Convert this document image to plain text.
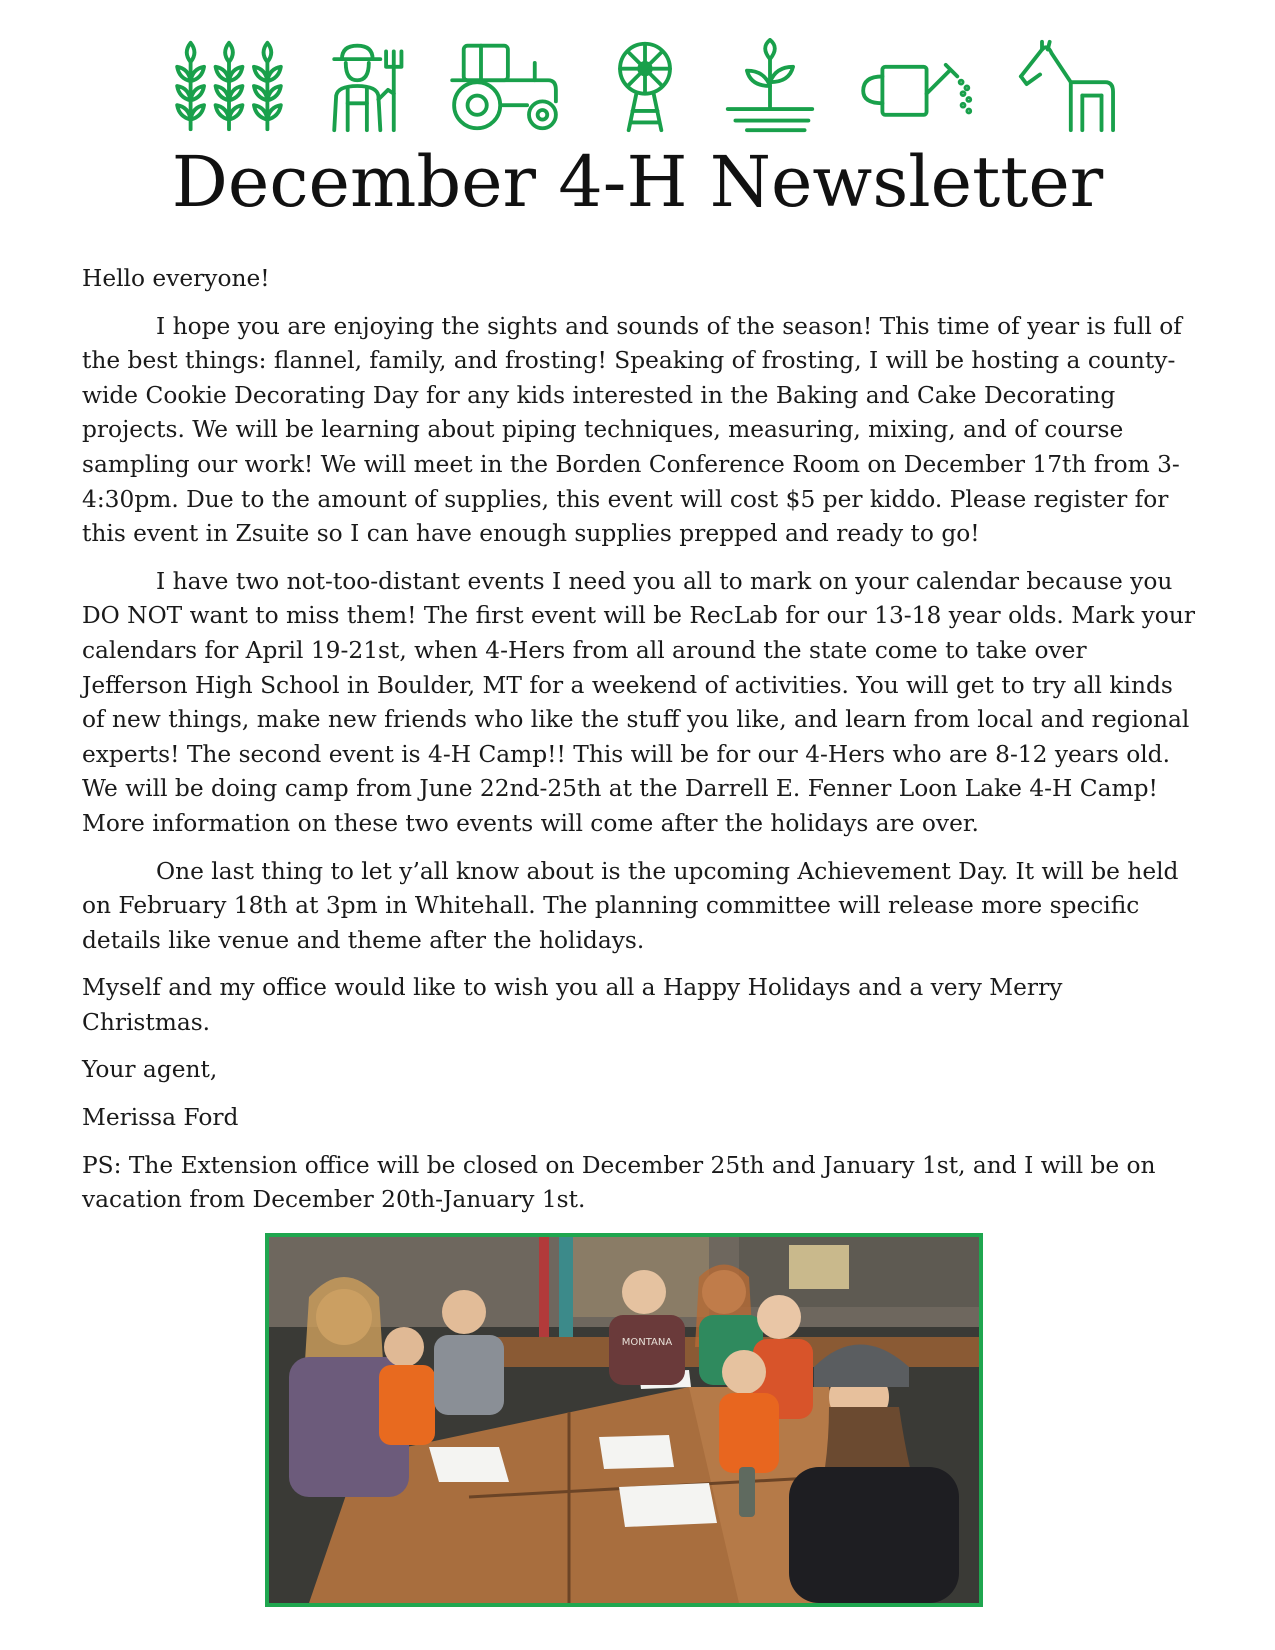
December 4-H Newsletter

Hello everyone!

I hope you are enjoying the sights and sounds of the season! This time of year is full of the best things: flannel, family, and frosting! Speaking of frosting, I will be hosting a county-wide Cookie Decorating Day for any kids interested in the Baking and Cake Decorating projects. We will be learning about piping techniques, measuring, mixing, and of course sampling our work! We will meet in the Borden Conference Room on December 17th from 3-4:30pm. Due to the amount of supplies, this event will cost $5 per kiddo. Please register for this event in Zsuite so I can have enough supplies prepped and ready to go!

I have two not-too-distant events I need you all to mark on your calendar because you DO NOT want to miss them! The first event will be RecLab for our 13-18 year olds. Mark your calendars for April 19-21st, when 4-Hers from all around the state come to take over Jefferson High School in Boulder, MT for a weekend of activities. You will get to try all kinds of new things, make new friends who like the stuff you like, and learn from local and regional experts! The second event is 4-H Camp!! This will be for our 4-Hers who are 8-12 years old. We will be doing camp from June 22nd-25th at the Darrell E. Fenner Loon Lake 4-H Camp! More information on these two events will come after the holidays are over.

One last thing to let y’all know about is the upcoming Achievement Day. It will be held on February 18th at 3pm in Whitehall. The planning committee will release more specific details like venue and theme after the holidays.

Myself and my office would like to wish you all a Happy Holidays and a very Merry Christmas.

Your agent,

Merissa Ford

PS: The Extension office will be closed on December 25th and January 1st, and I will be on vacation from December 20th-January 1st.

MONTANA
